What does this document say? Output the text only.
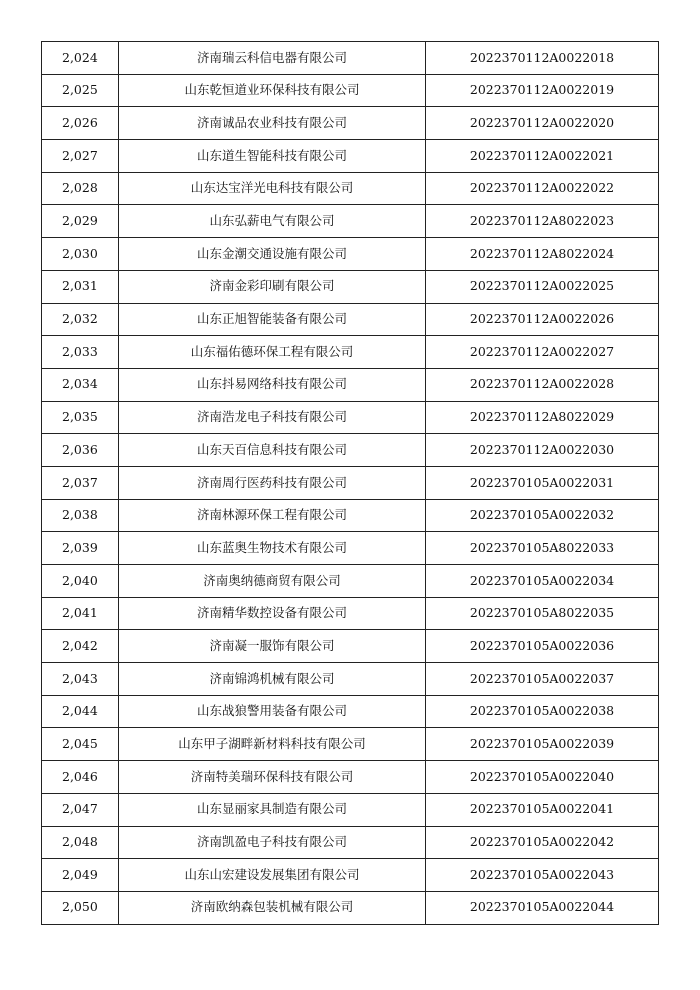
2,024	济南瑞云科信电器有限公司	2022370112A0022018
2,025	山东乾恒道业环保科技有限公司	2022370112A0022019
2,026	济南诚品农业科技有限公司	2022370112A0022020
2,027	山东道生智能科技有限公司	2022370112A0022021
2,028	山东达宝洋光电科技有限公司	2022370112A0022022
2,029	山东弘薪电气有限公司	2022370112A8022023
2,030	山东金潮交通设施有限公司	2022370112A8022024
2,031	济南金彩印刷有限公司	2022370112A0022025
2,032	山东正旭智能装备有限公司	2022370112A0022026
2,033	山东福佑德环保工程有限公司	2022370112A0022027
2,034	山东抖易网络科技有限公司	2022370112A0022028
2,035	济南浩龙电子科技有限公司	2022370112A8022029
2,036	山东天百信息科技有限公司	2022370112A0022030
2,037	济南周行医药科技有限公司	2022370105A0022031
2,038	济南林源环保工程有限公司	2022370105A0022032
2,039	山东蓝奥生物技术有限公司	2022370105A8022033
2,040	济南奥纳德商贸有限公司	2022370105A0022034
2,041	济南精华数控设备有限公司	2022370105A8022035
2,042	济南凝一服饰有限公司	2022370105A0022036
2,043	济南锦鸿机械有限公司	2022370105A0022037
2,044	山东战狼警用装备有限公司	2022370105A0022038
2,045	山东甲子湖畔新材料科技有限公司	2022370105A0022039
2,046	济南特美瑞环保科技有限公司	2022370105A0022040
2,047	山东显丽家具制造有限公司	2022370105A0022041
2,048	济南凯盈电子科技有限公司	2022370105A0022042
2,049	山东山宏建设发展集团有限公司	2022370105A0022043
2,050	济南欧纳森包装机械有限公司	2022370105A0022044
